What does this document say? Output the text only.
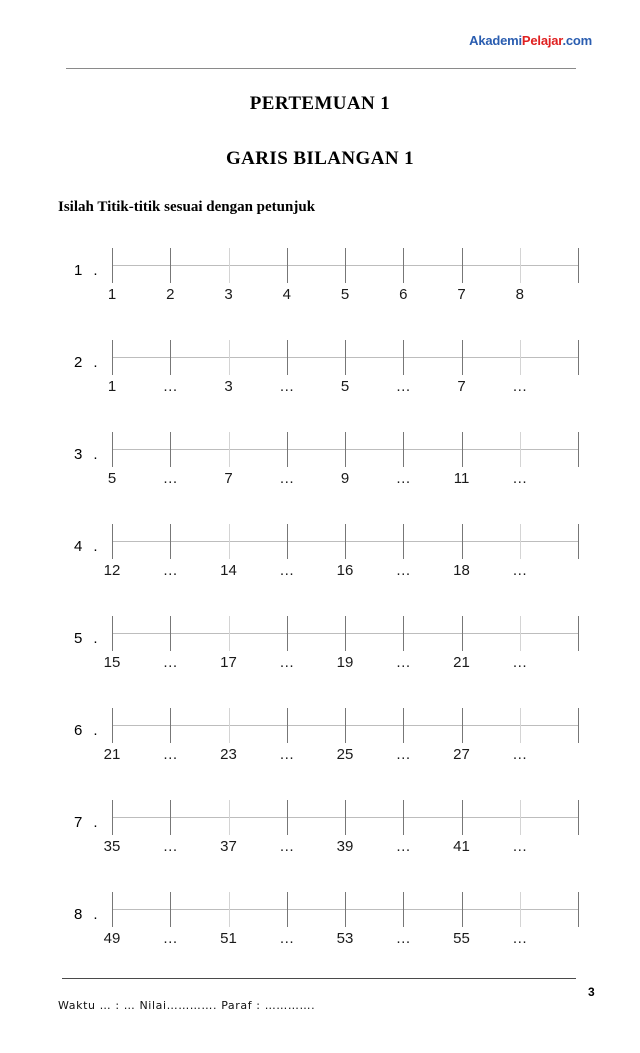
AkademiPelajar.com
PERTEMUAN 1
GARIS BILANGAN 1
Isilah Titik-titik sesuai dengan petunjuk
1 .
1	2	3	4	5	6	7	8
2 .
1	…	3	…	5	…	7	…
3 .
5	…	7	…	9	…	11	…
4 .
12	…	14	…	16	…	18	…
5 .
15	…	17	…	19	…	21	…
6 .
21	…	23	…	25	…	27	…
7 .
35	…	37	…	39	…	41	…
8 .
49	…	51	…	53	…	55	…
Waktu … : … Nilai…………. Paraf : ………….
3
